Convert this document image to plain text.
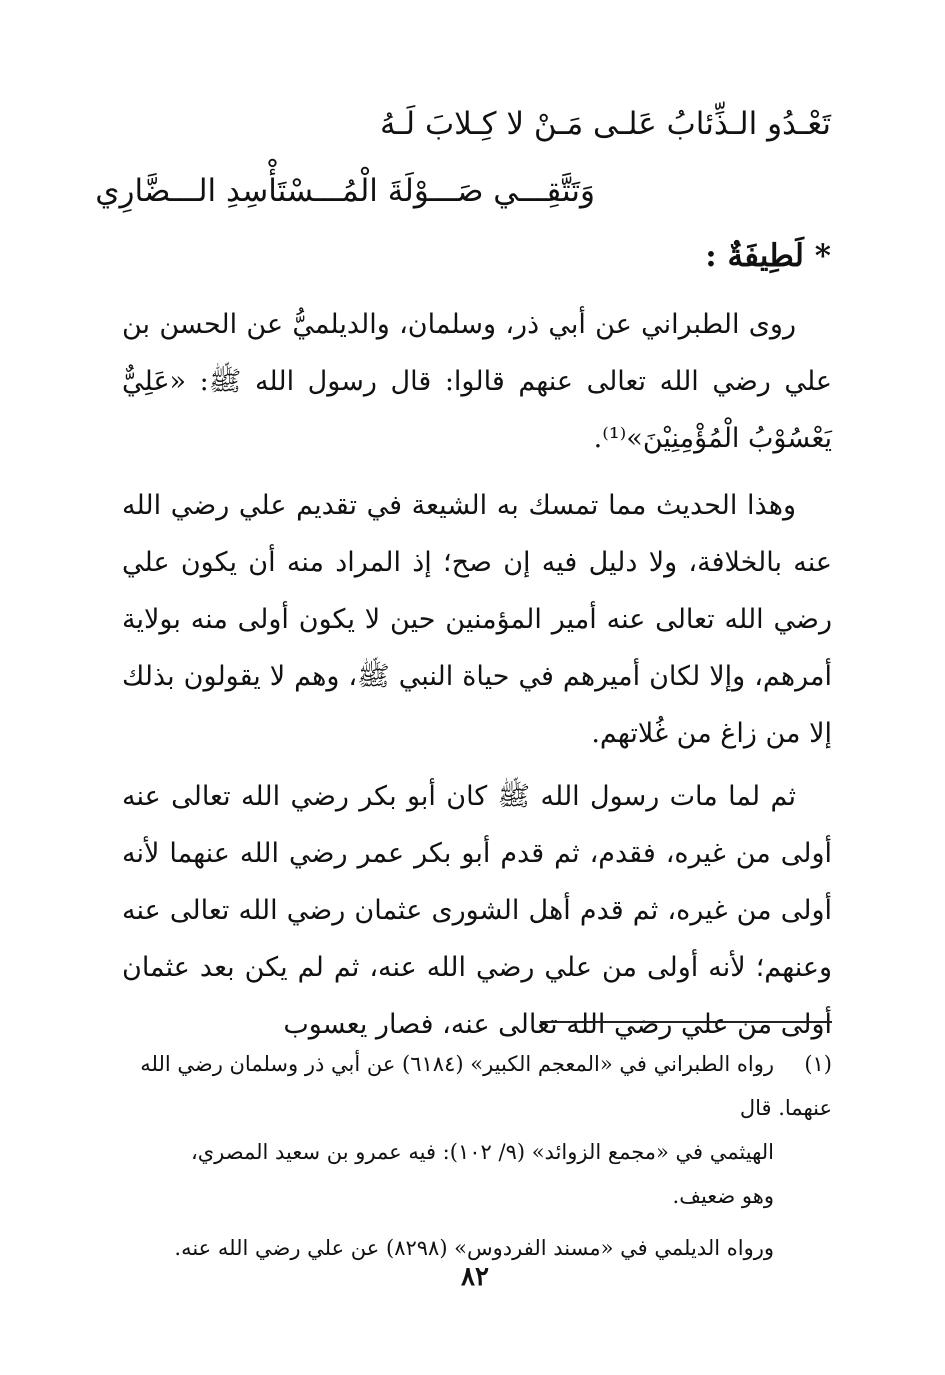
تَعْـدُو الـذِّئابُ عَلـى مَـنْ لا كِـلابَ لَـهُ
وَتَتَّقِـــي صَـــوْلَةَ الْمُـــسْتَأْسِدِ الـــضَّارِي
* لَطِيفَةٌ :

روى الطبراني عن أبي ذر، وسلمان، والديلميُّ عن الحسن بن علي رضي الله تعالى عنهم قالوا: قال رسول الله ﷺ: «عَلِيٌّ يَعْسُوْبُ الْمُؤْمِنِيْنَ»⁽¹⁾.

وهذا الحديث مما تمسك به الشيعة في تقديم علي رضي الله عنه بالخلافة، ولا دليل فيه إن صح؛ إذ المراد منه أن يكون علي رضي الله تعالى عنه أمير المؤمنين حين لا يكون أولى منه بولاية أمرهم، وإلا لكان أميرهم في حياة النبي ﷺ، وهم لا يقولون بذلك إلا من زاغ من غُلاتهم.

ثم لما مات رسول الله ﷺ كان أبو بكر رضي الله تعالى عنه أولى من غيره، فقدم، ثم قدم أبو بكر عمر رضي الله عنهما لأنه أولى من غيره، ثم قدم أهل الشورى عثمان رضي الله تعالى عنه وعنهم؛ لأنه أولى من علي رضي الله عنه، ثم لم يكن بعد عثمان أولى من علي رضي الله تعالى عنه، فصار يعسوب

(١)رواه الطبراني في «المعجم الكبير» (٦١٨٤) عن أبي ذر وسلمان رضي الله عنهما. قال
الهيثمي في «مجمع الزوائد» (٩/ ١٠٢): فيه عمرو بن سعيد المصري،
وهو ضعيف.
ورواه الديلمي في «مسند الفردوس» (٨٢٩٨) عن علي رضي الله عنه.
٨٢
